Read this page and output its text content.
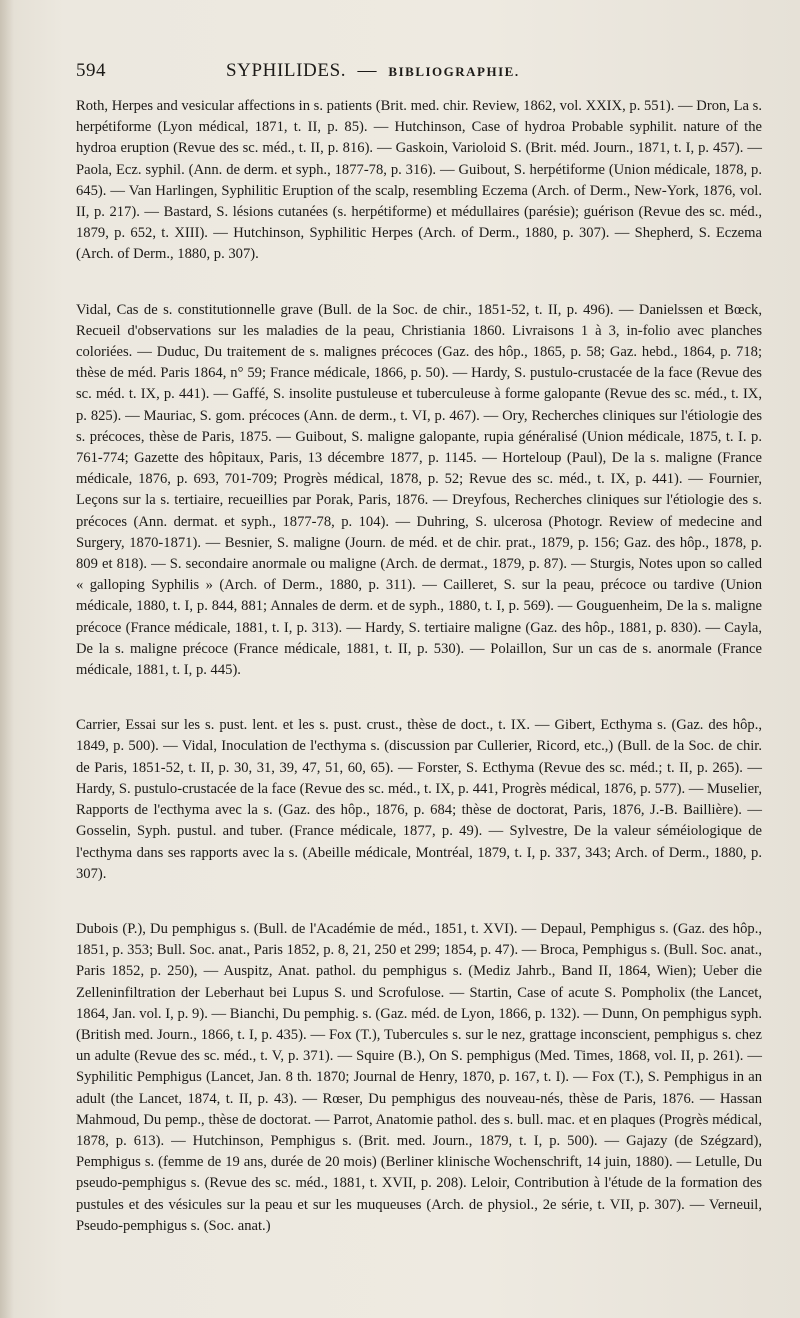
594	SYPHILIDES. — BIBLIOGRAPHIE.

Roth, Herpes and vesicular affections in s. patients (Brit. med. chir. Review, 1862, vol. XXIX, p. 551). — Dron, La s. herpétiforme (Lyon médical, 1871, t. II, p. 85). — Hutchinson, Case of hydroa Probable syphilit. nature of the hydroa eruption (Revue des sc. méd., t. II, p. 816). — Gaskoin, Varioloid S. (Brit. méd. Journ., 1871, t. I, p. 457). — Paola, Ecz. syphil. (Ann. de derm. et syph., 1877-78, p. 316). — Guibout, S. herpétiforme (Union médicale, 1878, p. 645). — Van Harlingen, Syphilitic Eruption of the scalp, resembling Eczema (Arch. of Derm., New-York, 1876, vol. II, p. 217). — Bastard, S. lésions cutanées (s. herpétiforme) et médullaires (parésie); guérison (Revue des sc. méd., 1879, p. 652, t. XIII). — Hutchinson, Syphilitic Herpes (Arch. of Derm., 1880, p. 307). — Shepherd, S. Eczema (Arch. of Derm., 1880, p. 307).

Vidal, Cas de s. constitutionnelle grave (Bull. de la Soc. de chir., 1851-52, t. II, p. 496). — Danielssen et Bœck, Recueil d'observations sur les maladies de la peau, Christiania 1860. Livraisons 1 à 3, in-folio avec planches coloriées. — Duduc, Du traitement de s. malignes précoces (Gaz. des hôp., 1865, p. 58; Gaz. hebd., 1864, p. 718; thèse de méd. Paris 1864, n° 59; France médicale, 1866, p. 50). — Hardy, S. pustulo-crustacée de la face (Revue des sc. méd. t. IX, p. 441). — Gaffé, S. insolite pustuleuse et tuberculeuse à forme galopante (Revue des sc. méd., t. IX, p. 825). — Mauriac, S. gom. précoces (Ann. de derm., t. VI, p. 467). — Ory, Recherches cliniques sur l'étiologie des s. précoces, thèse de Paris, 1875. — Guibout, S. maligne galopante, rupia généralisé (Union médicale, 1875, t. I. p. 761-774; Gazette des hôpitaux, Paris, 13 décembre 1877, p. 1145. — Horteloup (Paul), De la s. maligne (France médicale, 1876, p. 693, 701-709; Progrès médical, 1878, p. 52; Revue des sc. méd., t. IX, p. 441). — Fournier, Leçons sur la s. tertiaire, recueillies par Porak, Paris, 1876. — Dreyfous, Recherches cliniques sur l'étiologie des s. précoces (Ann. dermat. et syph., 1877-78, p. 104). — Duhring, S. ulcerosa (Photogr. Review of medecine and Surgery, 1870-1871). — Besnier, S. maligne (Journ. de méd. et de chir. prat., 1879, p. 156; Gaz. des hôp., 1878, p. 809 et 818). — S. secondaire anormale ou maligne (Arch. de dermat., 1879, p. 87). — Sturgis, Notes upon so called « galloping Syphilis » (Arch. of Derm., 1880, p. 311). — Cailleret, S. sur la peau, précoce ou tardive (Union médicale, 1880, t. I, p. 844, 881; Annales de derm. et de syph., 1880, t. I, p. 569). — Gouguenheim, De la s. maligne précoce (France médicale, 1881, t. I, p. 313). — Hardy, S. tertiaire maligne (Gaz. des hôp., 1881, p. 830). — Cayla, De la s. maligne précoce (France médicale, 1881, t. II, p. 530). — Polaillon, Sur un cas de s. anormale (France médicale, 1881, t. I, p. 445).

Carrier, Essai sur les s. pust. lent. et les s. pust. crust., thèse de doct., t. IX. — Gibert, Ecthyma s. (Gaz. des hôp., 1849, p. 500). — Vidal, Inoculation de l'ecthyma s. (discussion par Cullerier, Ricord, etc.,) (Bull. de la Soc. de chir. de Paris, 1851-52, t. II, p. 30, 31, 39, 47, 51, 60, 65). — Forster, S. Ecthyma (Revue des sc. méd.; t. II, p. 265). — Hardy, S. pustulo-crustacée de la face (Revue des sc. méd., t. IX, p. 441, Progrès médical, 1876, p. 577). — Muselier, Rapports de l'ecthyma avec la s. (Gaz. des hôp., 1876, p. 684; thèse de doctorat, Paris, 1876, J.-B. Baillière). — Gosselin, Syph. pustul. and tuber. (France médicale, 1877, p. 49). — Sylvestre, De la valeur séméiologique de l'ecthyma dans ses rapports avec la s. (Abeille médicale, Montréal, 1879, t. I, p. 337, 343; Arch. of Derm., 1880, p. 307).

Dubois (P.), Du pemphigus s. (Bull. de l'Académie de méd., 1851, t. XVI). — Depaul, Pemphigus s. (Gaz. des hôp., 1851, p. 353; Bull. Soc. anat., Paris 1852, p. 8, 21, 250 et 299; 1854, p. 47). — Broca, Pemphigus s. (Bull. Soc. anat., Paris 1852, p. 250), — Auspitz, Anat. pathol. du pemphigus s. (Mediz Jahrb., Band II, 1864, Wien); Ueber die Zelleninfiltration der Leberhaut bei Lupus S. und Scrofulose. — Startin, Case of acute S. Pompholix (the Lancet, 1864, Jan. vol. I, p. 9). — Bianchi, Du pemphig. s. (Gaz. méd. de Lyon, 1866, p. 132). — Dunn, On pemphigus syph. (British med. Journ., 1866, t. I, p. 435). — Fox (T.), Tubercules s. sur le nez, grattage inconscient, pemphigus s. chez un adulte (Revue des sc. méd., t. V, p. 371). — Squire (B.), On S. pemphigus (Med. Times, 1868, vol. II, p. 261). — Syphilitic Pemphigus (Lancet, Jan. 8 th. 1870; Journal de Henry, 1870, p. 167, t. I). — Fox (T.), S. Pemphigus in an adult (the Lancet, 1874, t. II, p. 43). — Rœser, Du pemphigus des nouveau-nés, thèse de Paris, 1876. — Hassan Mahmoud, Du pemp., thèse de doctorat. — Parrot, Anatomie pathol. des s. bull. mac. et en plaques (Progrès médical, 1878, p. 613). — Hutchinson, Pemphigus s. (Brit. med. Journ., 1879, t. I, p. 500). — Gajazy (de Szégzard), Pemphigus s. (femme de 19 ans, durée de 20 mois) (Berliner klinische Wochenschrift, 14 juin, 1880). — Letulle, Du pseudo-pemphigus s. (Revue des sc. méd., 1881, t. XVII, p. 208). Leloir, Contribution à l'étude de la formation des pustules et des vésicules sur la peau et sur les muqueuses (Arch. de physiol., 2e série, t. VII, p. 307). — Verneuil, Pseudo-pemphigus s. (Soc. anat.)
